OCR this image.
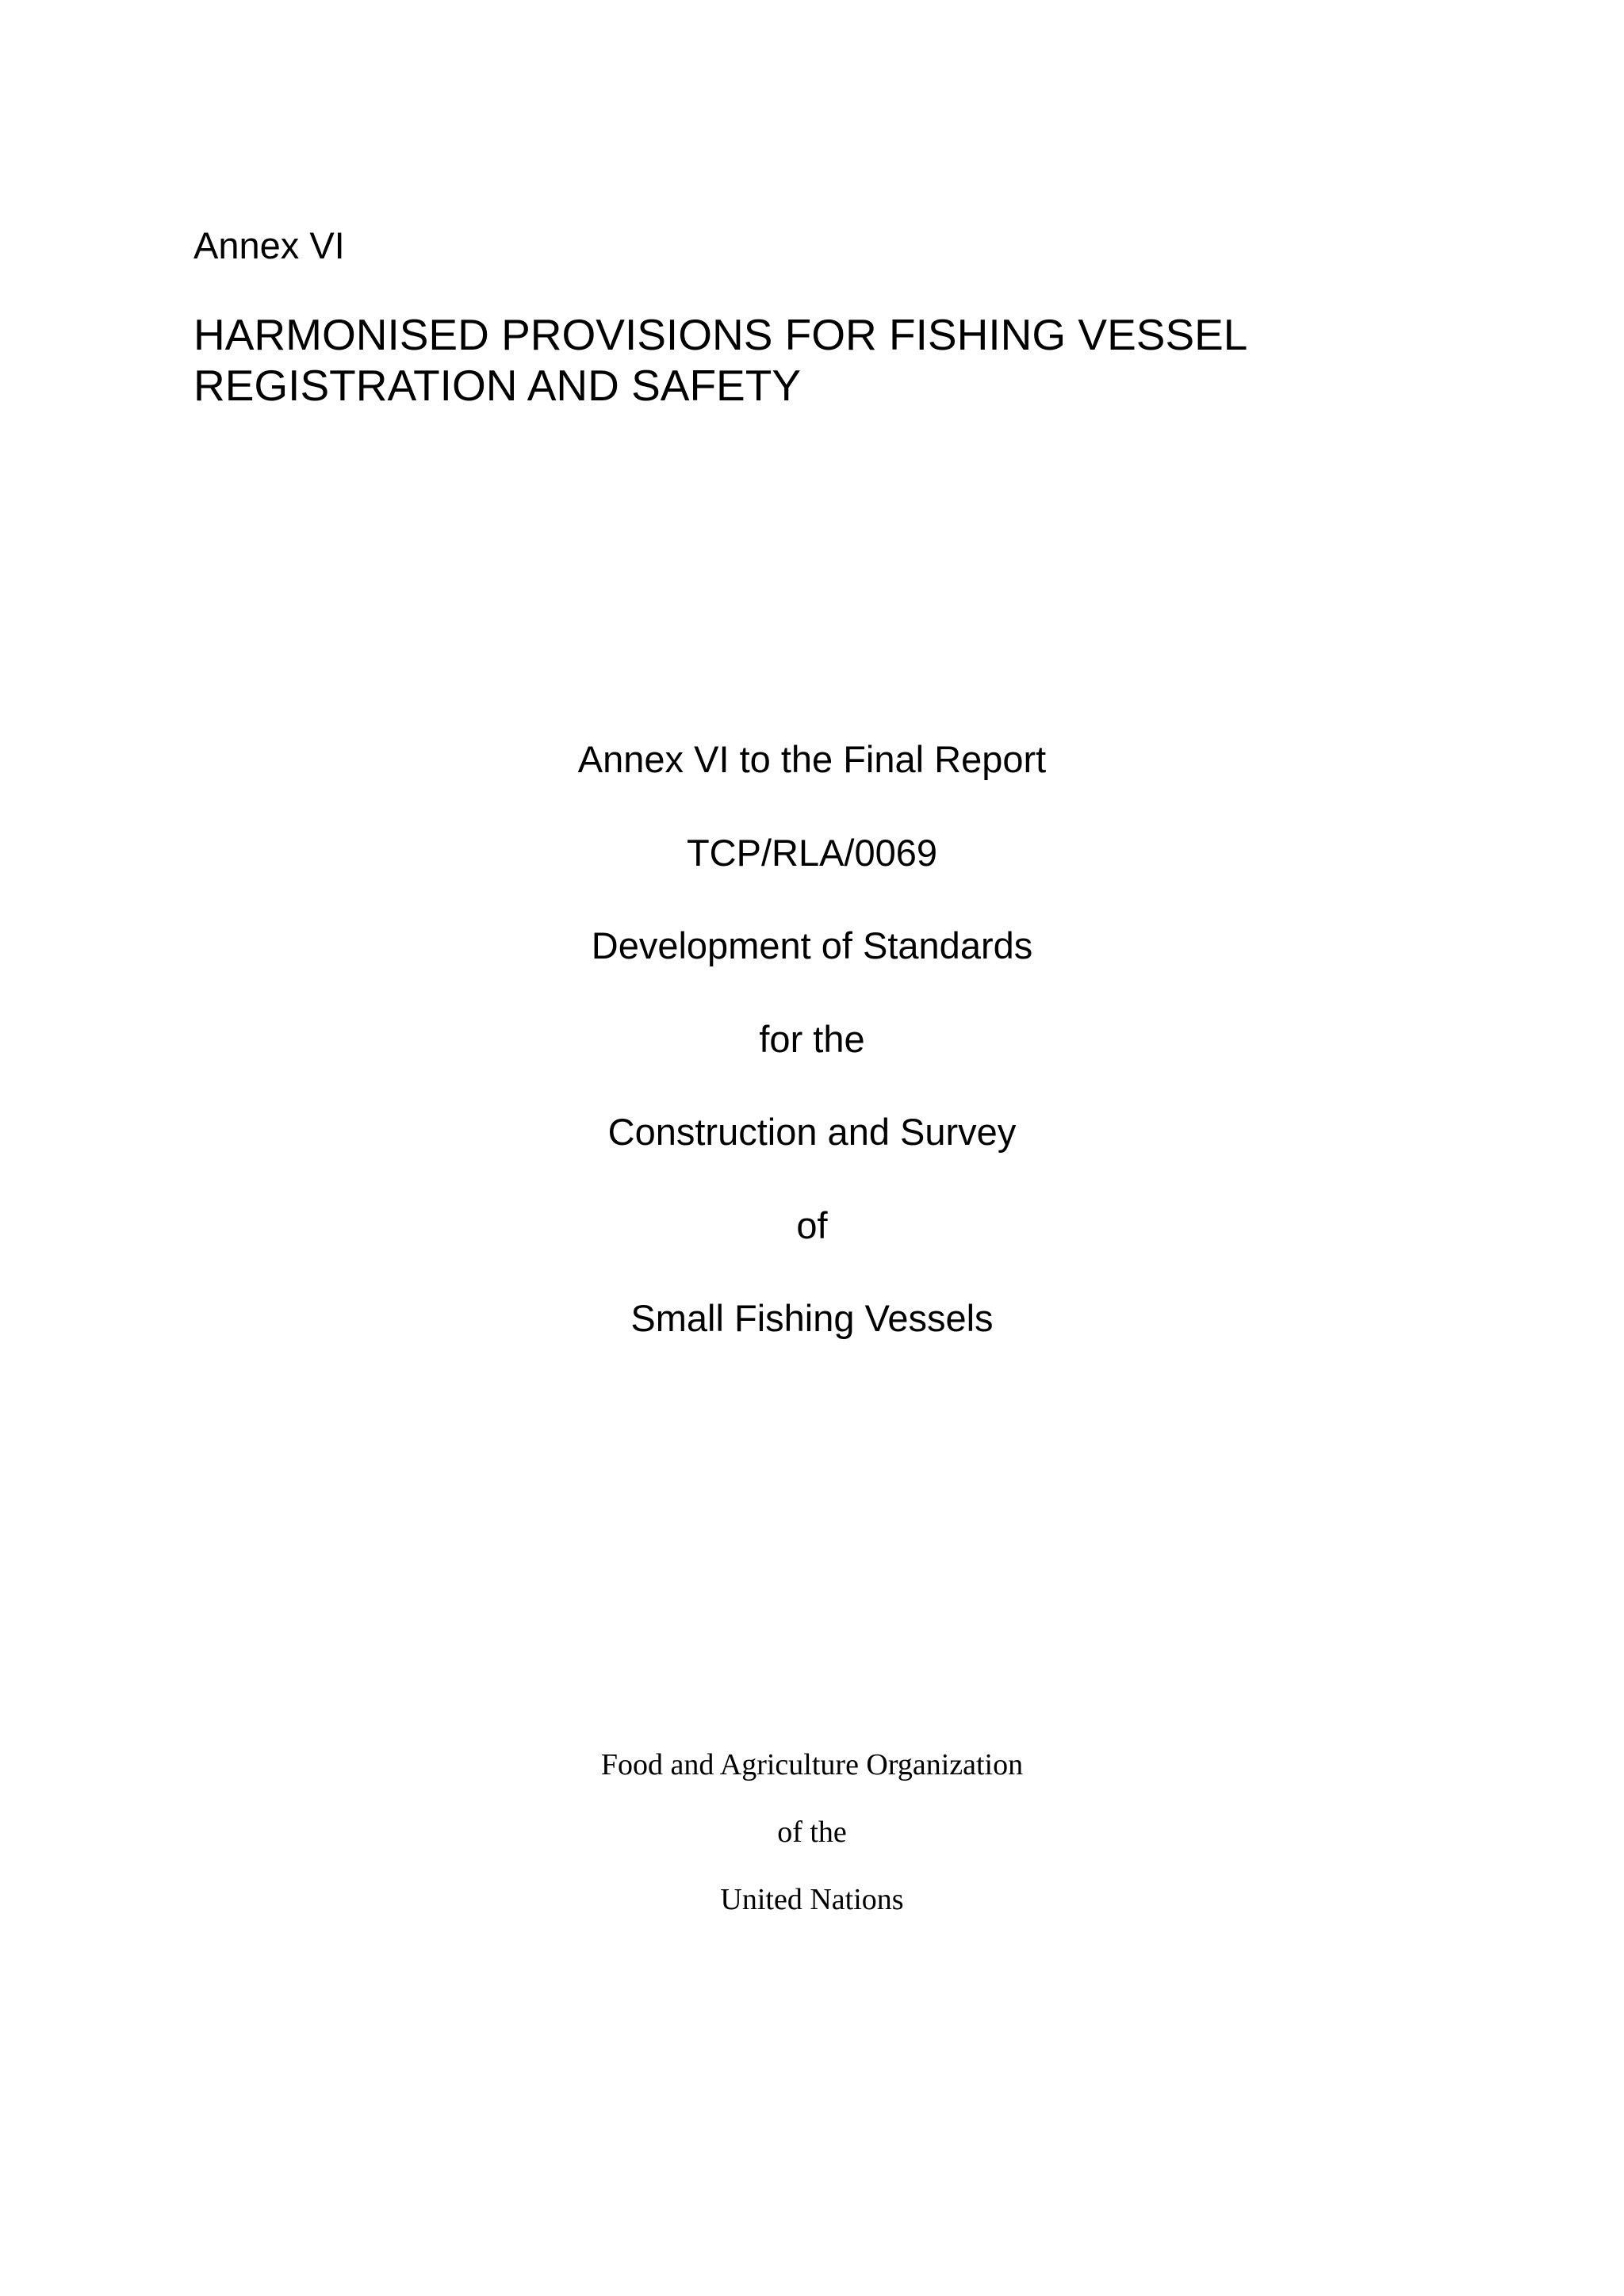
Annex VI

HARMONISED PROVISIONS FOR FISHING VESSEL
REGISTRATION AND SAFETY
Annex VI to the Final Report
TCP/RLA/0069
Development of Standards
for the
Construction and Survey
of
Small Fishing Vessels
Food and Agriculture Organization
of the
United Nations
